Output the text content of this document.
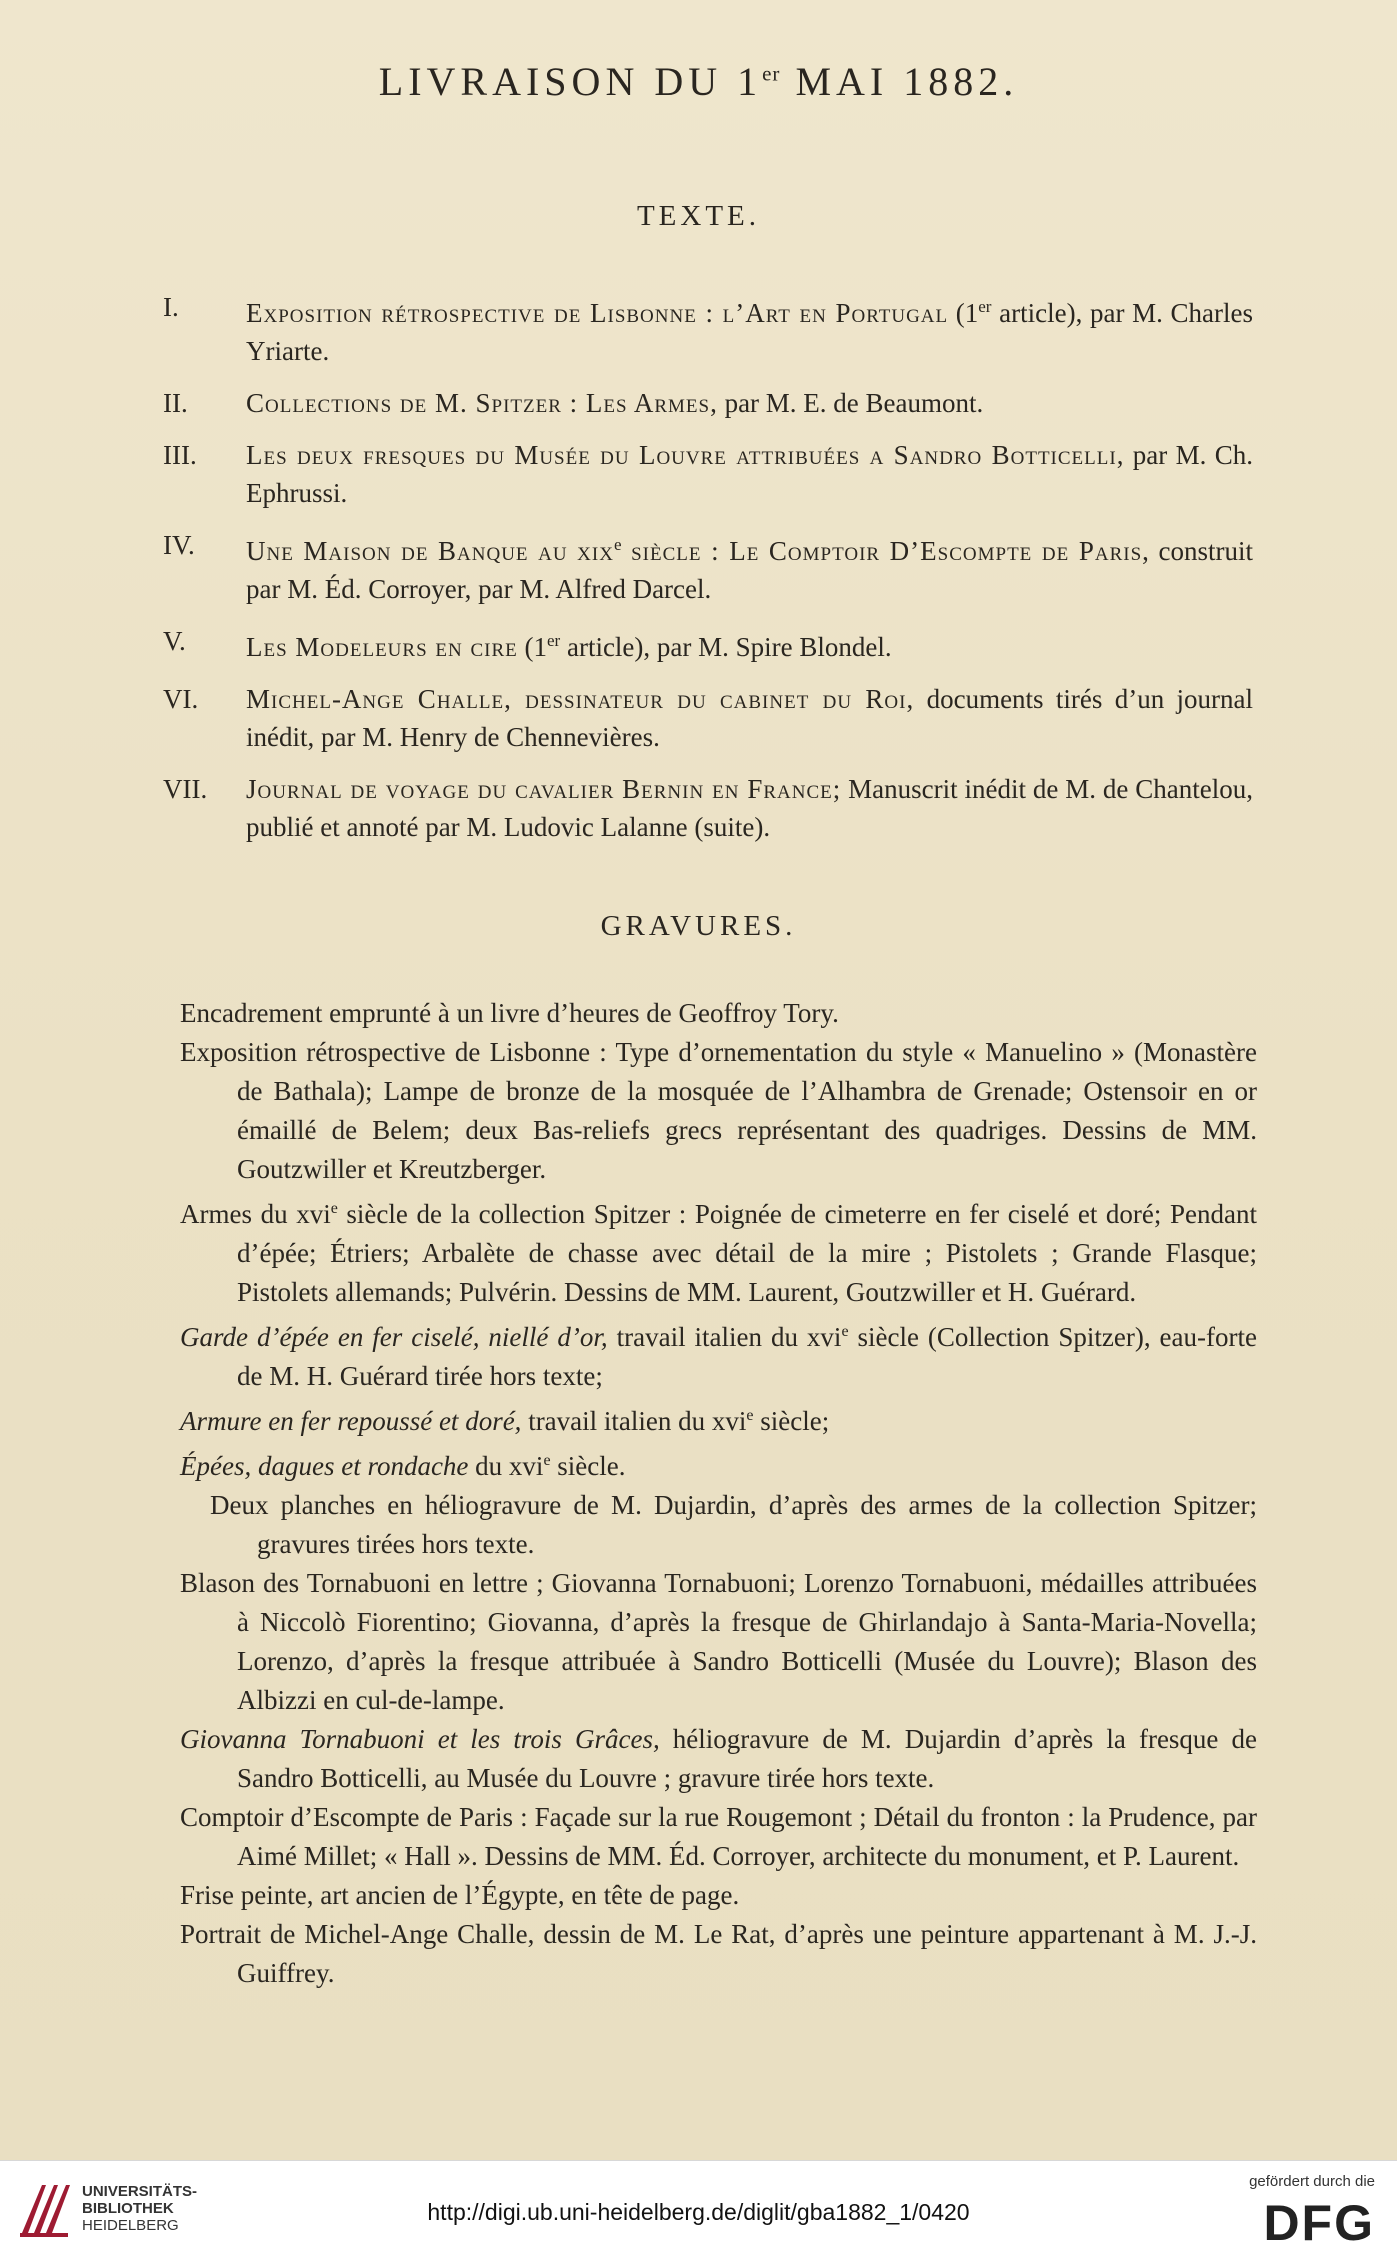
LIVRAISON DU 1er MAI 1882.
TEXTE.
I. Exposition rétrospective de Lisbonne : l’Art en Portugal (1er article), par M. Charles Yriarte.
II. Collections de M. Spitzer : Les Armes, par M. E. de Beaumont.
III. Les deux fresques du Musée du Louvre attribuées a Sandro Botticelli, par M. Ch. Ephrussi.
IV. Une Maison de Banque au xix$^e$ siècle : Le Comptoir D’Escompte de Paris, construit par M. Éd. Corroyer, par M. Alfred Darcel.
V. Les Modeleurs en cire (1er article), par M. Spire Blondel.
VI. Michel-Ange Challe, dessinateur du cabinet du Roi, documents tirés d’un journal inédit, par M. Henry de Chennevières.
VII. Journal de voyage du cavalier Bernin en France; Manuscrit inédit de M. de Chantelou, publié et annoté par M. Ludovic Lalanne (suite).
GRAVURES.
Encadrement emprunté à un livre d’heures de Geoffroy Tory.
Exposition rétrospective de Lisbonne : Type d’ornementation du style « Manuelino » (Monastère de Bathala); Lampe de bronze de la mosquée de l’Alhambra de Grenade; Ostensoir en or émaillé de Belem; deux Bas-reliefs grecs représentant des quadriges. Dessins de MM. Goutzwiller et Kreutzberger.
Armes du xvi$^e$ siècle de la collection Spitzer : Poignée de cimeterre en fer ciselé et doré; Pendant d’épée; Étriers; Arbalète de chasse avec détail de la mire ; Pistolets ; Grande Flasque; Pistolets allemands; Pulvérin. Dessins de MM. Laurent, Goutzwiller et H. Guérard.
Garde d’épée en fer ciselé, niellé d’or, travail italien du xvi$^e$ siècle (Collection Spitzer), eau-forte de M. H. Guérard tirée hors texte;
Armure en fer repoussé et doré, travail italien du xvi$^e$ siècle;
Épées, dagues et rondache du xvi$^e$ siècle.
Deux planches en héliogravure de M. Dujardin, d’après des armes de la collection Spitzer; gravures tirées hors texte.
Blason des Tornabuoni en lettre ; Giovanna Tornabuoni; Lorenzo Tornabuoni, médailles attribuées à Niccolò Fiorentino; Giovanna, d’après la fresque de Ghirlandajo à Santa-Maria-Novella; Lorenzo, d’après la fresque attribuée à Sandro Botticelli (Musée du Louvre); Blason des Albizzi en cul-de-lampe.
Giovanna Tornabuoni et les trois Grâces, héliogravure de M. Dujardin d’après la fresque de Sandro Botticelli, au Musée du Louvre ; gravure tirée hors texte.
Comptoir d’Escompte de Paris : Façade sur la rue Rougemont ; Détail du fronton : la Prudence, par Aimé Millet; « Hall ». Dessins de MM. Éd. Corroyer, architecte du monument, et P. Laurent.
Frise peinte, art ancien de l’Égypte, en tête de page.
Portrait de Michel-Ange Challe, dessin de M. Le Rat, d’après une peinture appartenant à M. J.-J. Guiffrey.
UNIVERSITÄTS-
BIBLIOTHEK
HEIDELBERG
http://digi.ub.uni-heidelberg.de/diglit/gba1882_1/0420
gefördert durch die
DFG
